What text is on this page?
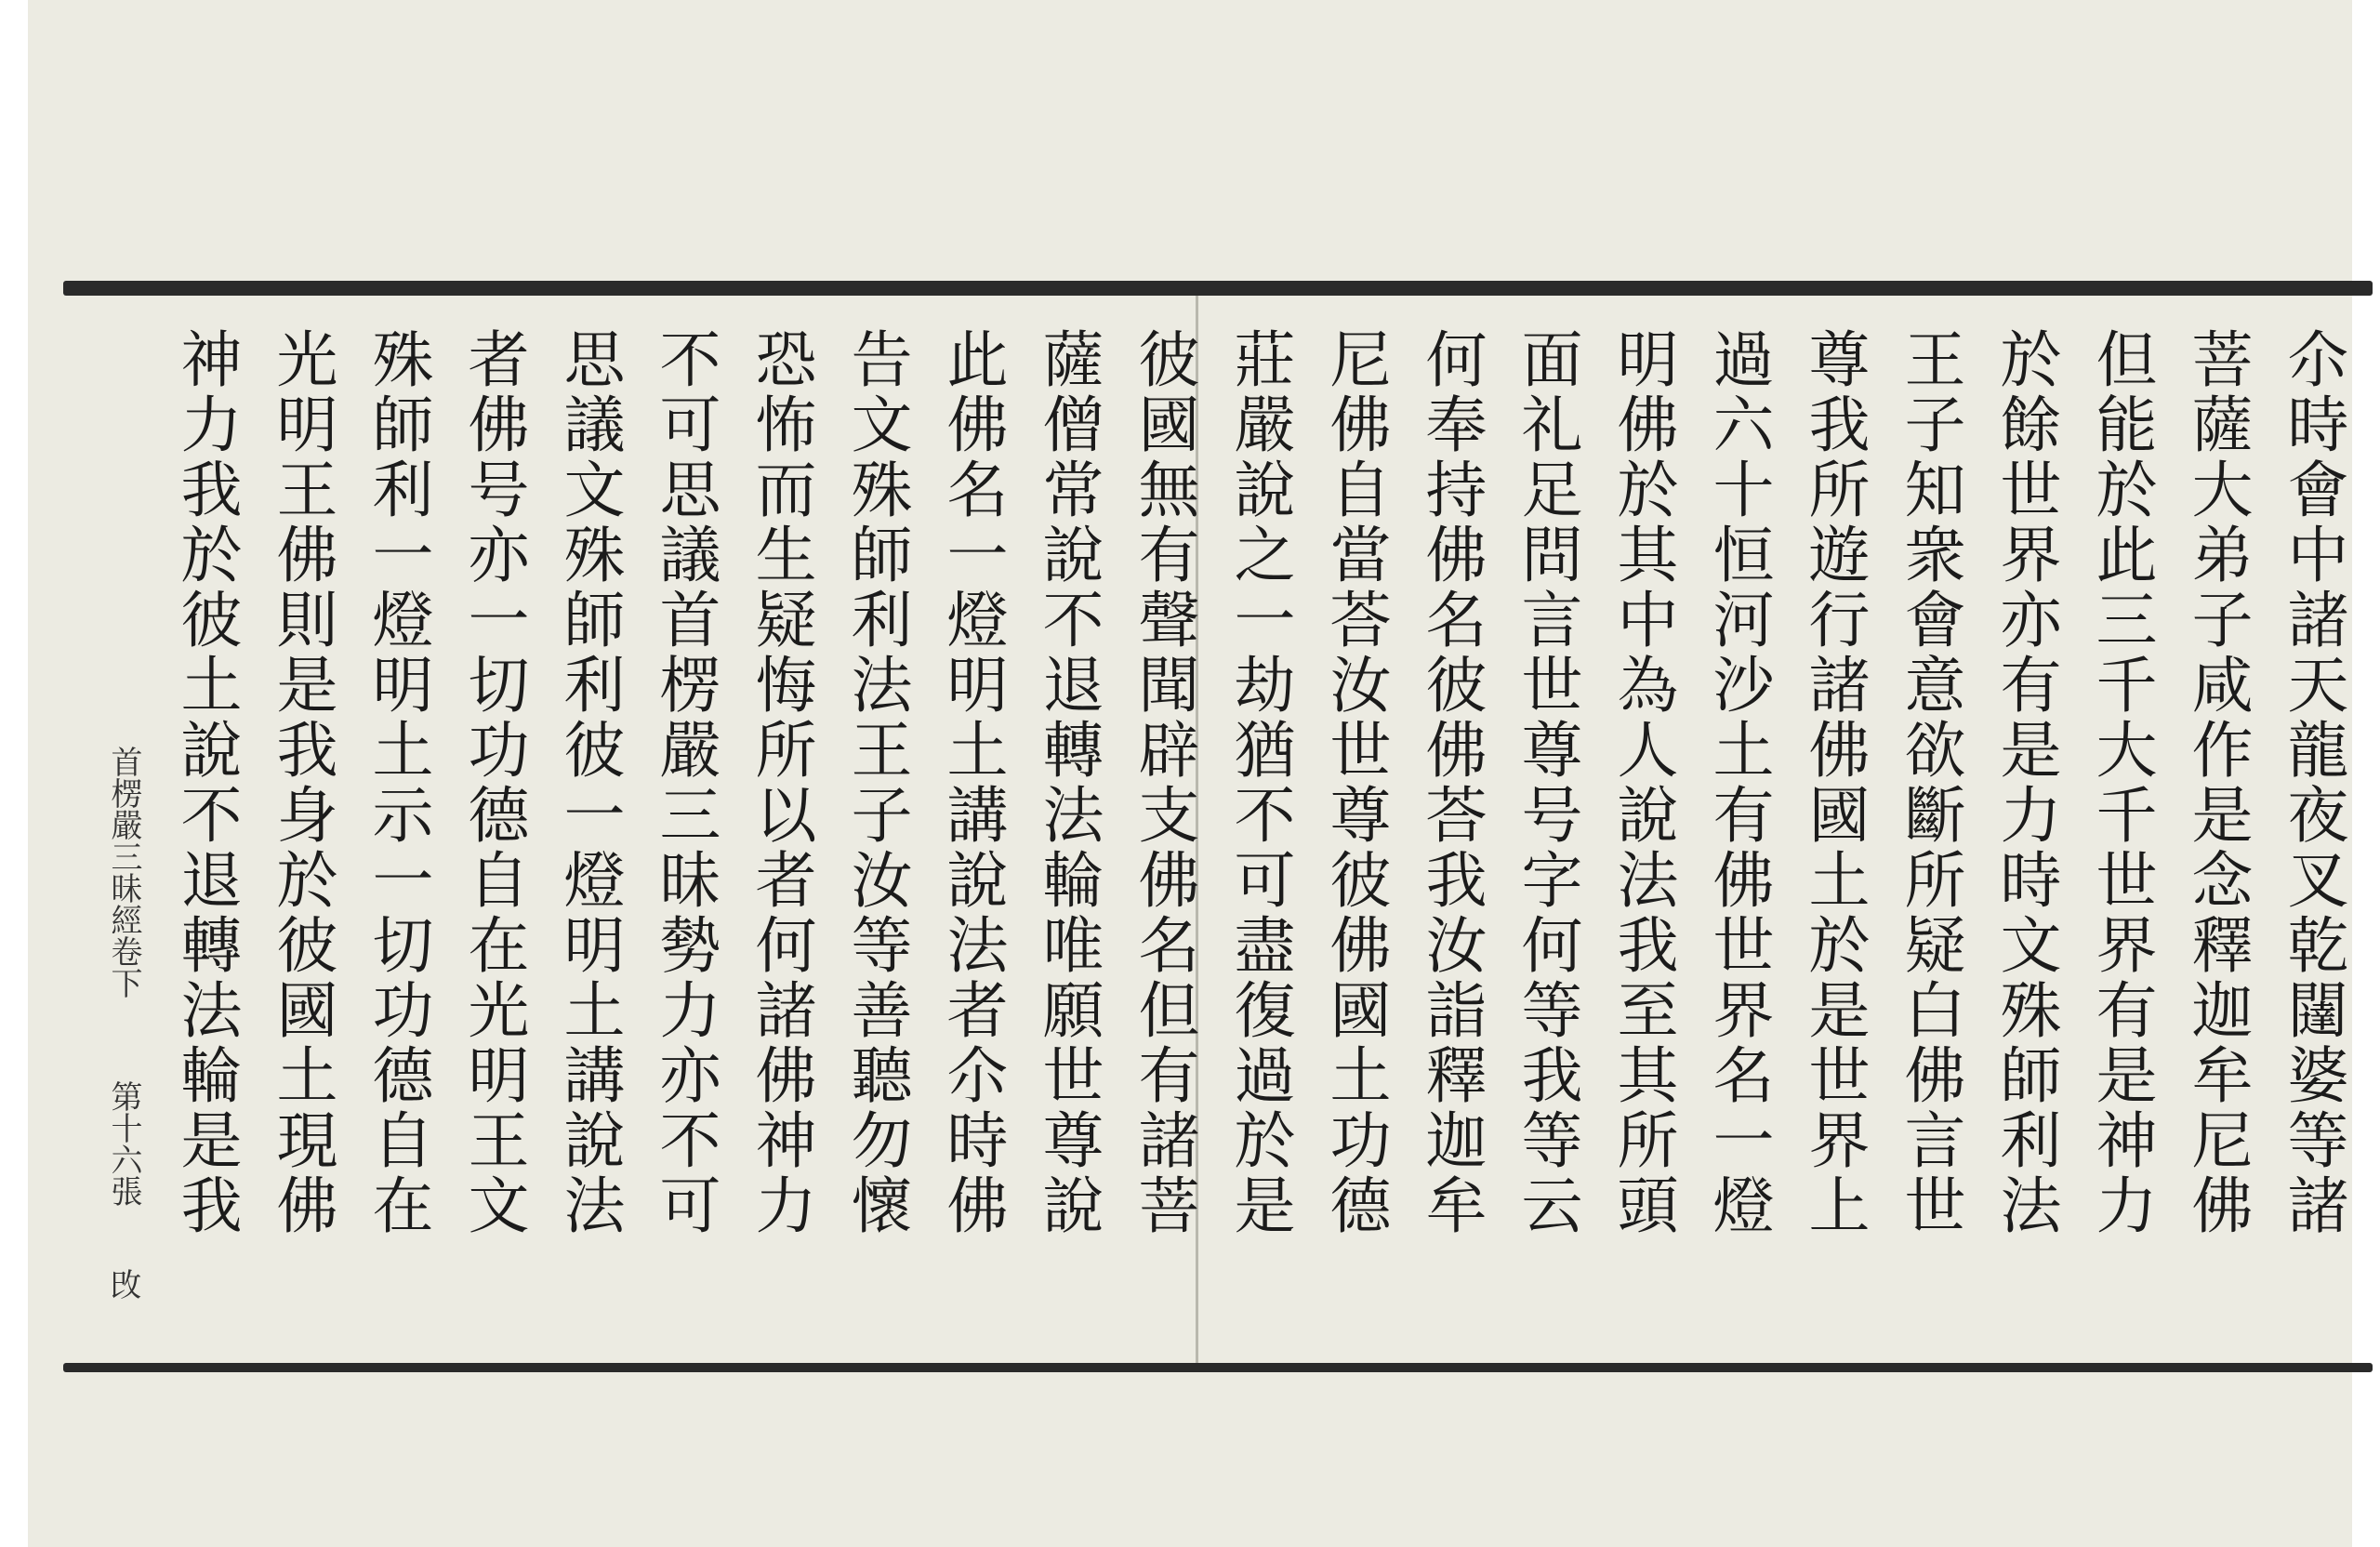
尒時會中諸天龍夜叉乾闥婆等諸
菩薩大弟子咸作是念釋迦牟尼佛
但能於此三千大千世界有是神力
於餘世界亦有是力時文殊師利法
王子知衆會意欲斷所疑白佛言世
尊我所遊行諸佛國土於是世界上
過六十恒河沙土有佛世界名一燈
明佛於其中為人說法我至其所頭
面礼足問言世尊号字何等我等云
何奉持佛名彼佛荅我汝詣釋迦牟
尼佛自當荅汝世尊彼佛國土功德
莊嚴說之一劫猶不可盡復過於是
彼國無有聲聞辟支佛名但有諸菩
薩僧常說不退轉法輪唯願世尊說
此佛名一燈明土講說法者尒時佛
告文殊師利法王子汝等善聽勿懷
恐怖而生疑悔所以者何諸佛神力
不可思議首楞嚴三昧勢力亦不可
思議文殊師利彼一燈明土講說法
者佛号亦一切功德自在光明王文
殊師利一燈明土示一切功德自在
光明王佛則是我身於彼國土現佛
神力我於彼土說不退轉法輪是我
首楞嚴三昧經卷下
第十六張
攺
